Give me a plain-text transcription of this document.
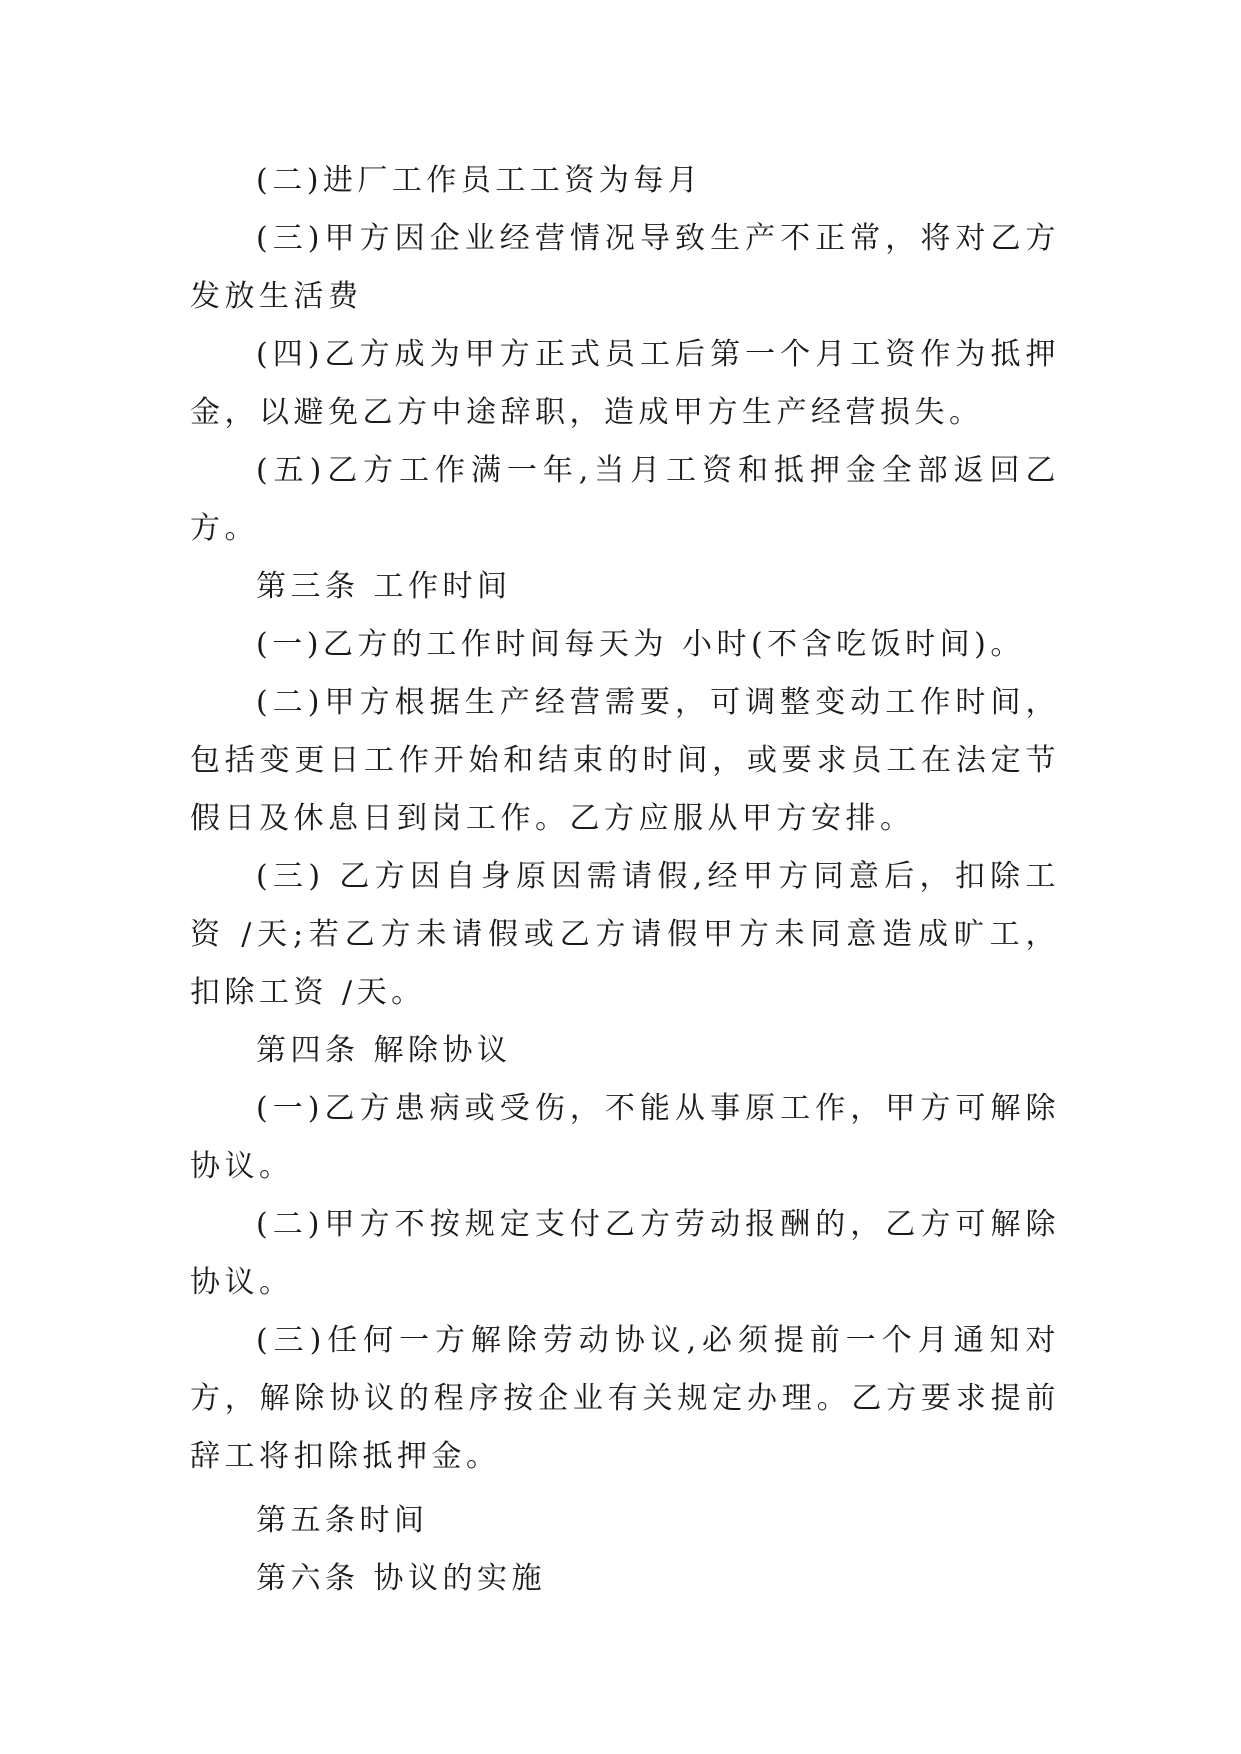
(二)进厂工作员工工资为每月

(三)甲方因企业经营情况导致生产不正常，将对乙方发放生活费

(四)乙方成为甲方正式员工后第一个月工资作为抵押金，以避免乙方中途辞职，造成甲方生产经营损失。

(五)乙方工作满一年,当月工资和抵押金全部返回乙方。

第三条 工作时间

(一)乙方的工作时间每天为 小时(不含吃饭时间)。

(二)甲方根据生产经营需要，可调整变动工作时间，包括变更日工作开始和结束的时间，或要求员工在法定节假日及休息日到岗工作。乙方应服从甲方安排。

(三) 乙方因自身原因需请假,经甲方同意后，扣除工资 /天;若乙方未请假或乙方请假甲方未同意造成旷工，扣除工资 /天。

第四条 解除协议

(一)乙方患病或受伤，不能从事原工作，甲方可解除协议。

(二)甲方不按规定支付乙方劳动报酬的，乙方可解除协议。

(三)任何一方解除劳动协议,必须提前一个月通知对方，解除协议的程序按企业有关规定办理。乙方要求提前辞工将扣除抵押金。

第五条时间

第六条 协议的实施
